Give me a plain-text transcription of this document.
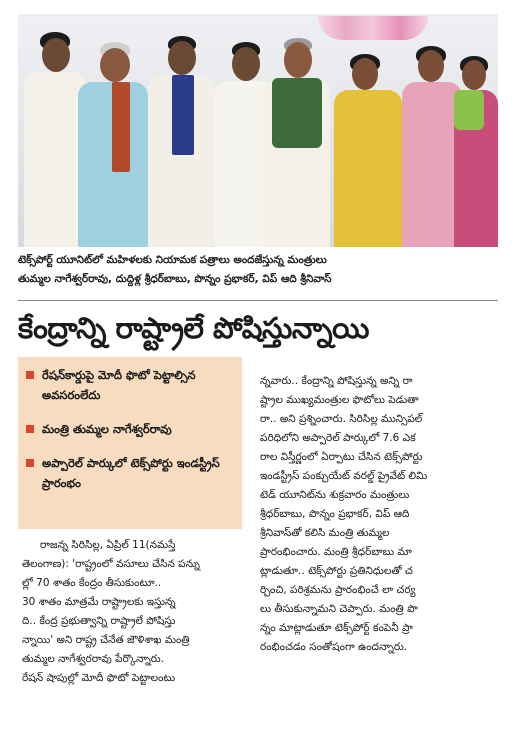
టెక్స్‌పోర్ట్ యూనిట్‌లో మహిళలకు నియామక పత్రాలు అందజేస్తున్న మంత్రులు
తుమ్మల నాగేశ్వర్‌రావు, దుద్దిళ్ల శ్రీధర్‌బాబు, పొన్నం ప్రభాకర్, విప్ ఆది శ్రీనివాస్
కేంద్రాన్ని రాష్ట్రాలే పోషిస్తున్నాయి
రేషన్‌కార్డుపై మోదీ ఫొటో పెట్టాల్సిన అవసరంలేదు
మంత్రి తుమ్మల నాగేశ్వర్‌రావు
అప్పారెల్ పార్కులో టెక్స్‌పోర్టు ఇండస్ట్రీస్ ప్రారంభం
రాజన్న సిరిసిల్ల, ఏప్రిల్ 11(నమస్తే
తెలంగాణ): 'రాష్ట్రంలో వసూలు చేసిన పన్ను
ల్లో 70 శాతం కేంద్రం తీసుకుంటూ..
30 శాతం మాత్రమే రాష్ట్రాలకు ఇస్తున్న
ది.. కేంద్ర ప్రభుత్వాన్ని రాష్ట్రాలే పోషిస్తు
న్నాయి' అని రాష్ట్ర చేనేత జౌళిశాఖ మంత్రి
తుమ్మల నాగేశ్వరరావు పేర్కొన్నారు.
రేషన్ షాపుల్లో మోదీ ఫొటో పెట్టాలంటు
న్నవారు.. కేంద్రాన్ని పోషిస్తున్న అన్ని రా
ష్ట్రాల ముఖ్యమంత్రుల ఫొటోలు పెడుతా
రా.. అని ప్రశ్నించారు. సిరిసిల్ల మున్సిపల్
పరిధిలోని అప్పారెల్ పార్కులో 7.6 ఎక
రాల విస్తీర్ణంలో ఏర్పాటు చేసిన టెక్స్‌పోర్టు
ఇండస్ట్రీస్ పంక్చుయేట్ వరల్డ్ ప్రైవేట్ లిమి
టెడ్ యూనిట్‌ను శుక్రవారం మంత్రులు
శ్రీధర్‌బాబు, పొన్నం ప్రభాకర్, విప్ ఆది
శ్రీనివాస్‌తో కలిసి మంత్రి తుమ్మల
ప్రారంభించారు. మంత్రి శ్రీధర్‌బాబు మా
ట్లాడుతూ.. టెక్స్‌పోర్టు ప్రతినిధులతో చ
ర్చించి, పరిశ్రమను ప్రారంభించే లా చర్య
లు తీసుకున్నామని చెప్పారు. మంత్రి పొ
న్నం మాట్లాడుతూ టెక్స్‌పోర్ట్ కంపెనీ ప్రా
రంభించడం సంతోషంగా ఉందన్నారు.
